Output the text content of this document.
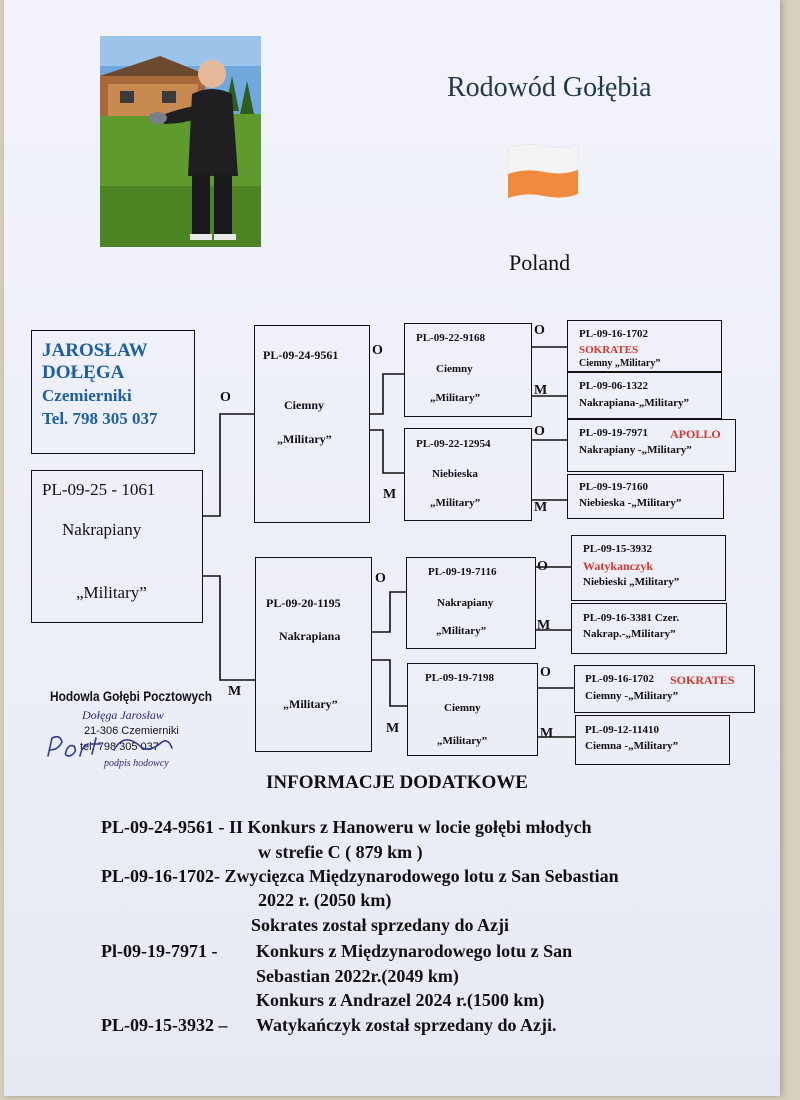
Rodowód Gołębia
Poland
JAROSŁAW
DOŁĘGA
Czemierniki
Tel. 798 305 037
PL-09-25 - 1061
Nakrapiany
„Military”
O
M
PL-09-24-9561
Ciemny
„Military”
O
M
PL-09-20-1195
Nakrapiana
„Military”
O
M
PL-09-22-9168
Ciemny
„Military”
O
M
PL-09-22-12954
Niebieska
„Military”
O
M
PL-09-19-7116
Nakrapiany
„Military”
O
M
PL-09-19-7198
Ciemny
„Military”
O
M
PL-09-16-1702
SOKRATES
Ciemny „Military”
PL-09-06-1322
Nakrapiana-„Military”
PL-09-19-7971 APOLLO
Nakrapiany -„Military”
PL-09-19-7160
Niebieska -„Military”
PL-09-15-3932
Watykanczyk
Niebieski „Military”
PL-09-16-3381 Czer.
Nakrap.-„Military”
PL-09-16-1702 SOKRATES
Ciemny -„Military”
PL-09-12-11410
Ciemna -„Military”
Hodowla Gołębi Pocztowych
Dołęga Jarosław
21-306 Czemierniki
tel. 798 305 037
podpis hodowcy
INFORMACJE DODATKOWE
PL-09-24-9561 - II Konkurs z Hanoweru w locie gołębi młodych
w strefie C ( 879 km )
PL-09-16-1702- Zwycięzca Międzynarodowego lotu z San Sebastian
2022 r. (2050 km)
Sokrates został sprzedany do Azji
Pl-09-19-7971 - Konkurs z Międzynarodowego lotu z San
Sebastian 2022r.(2049 km)
Konkurs z Andrazel 2024 r.(1500 km)
PL-09-15-3932 – Watykańczyk został sprzedany do Azji.
